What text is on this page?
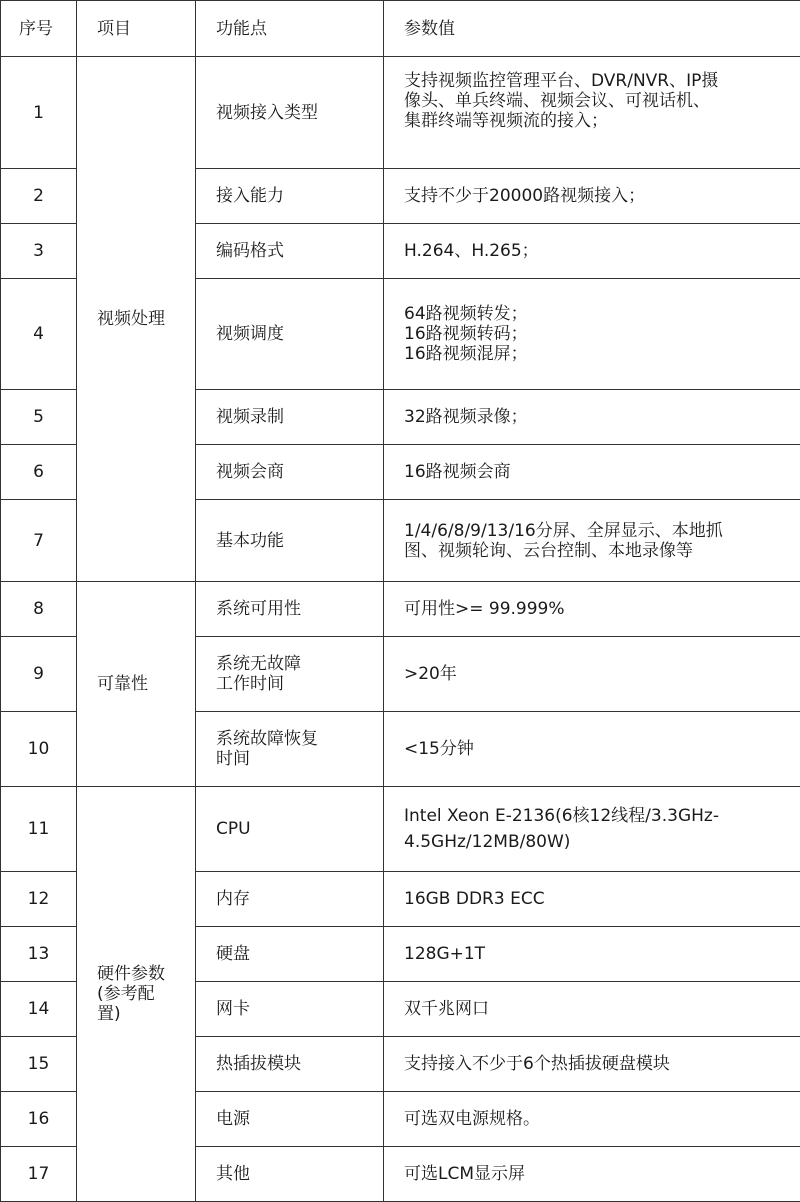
序号	项目	功能点	参数值
1	视频处理	视频接入类型	支持视频监控管理平台、DVR/NVR、IP摄
像头、单兵终端、视频会议、可视话机、
集群终端等视频流的接入；
2		接入能力	支持不少于20000路视频接入；
3		编码格式	H.264、H.265；
4		视频调度	64路视频转发；
16路视频转码；
16路视频混屏；
5		视频录制	32路视频录像；
6		视频会商	16路视频会商
7		基本功能	1/4/6/8/9/13/16分屏、全屏显示、本地抓
图、视频轮询、云台控制、本地录像等
8	可靠性	系统可用性	可用性>= 99.999%
9		系统无故障
工作时间	>20年
10		系统故障恢复
时间	<15分钟
11	硬件参数
(参考配
置)	CPU	Intel Xeon E-2136(6核12线程/3.3GHz-
4.5GHz/12MB/80W)
12		内存	16GB DDR3 ECC
13		硬盘	128G+1T
14		网卡	双千兆网口
15		热插拔模块	支持接入不少于6个热插拔硬盘模块
16		电源	可选双电源规格。
17		其他	可选LCM显示屏
